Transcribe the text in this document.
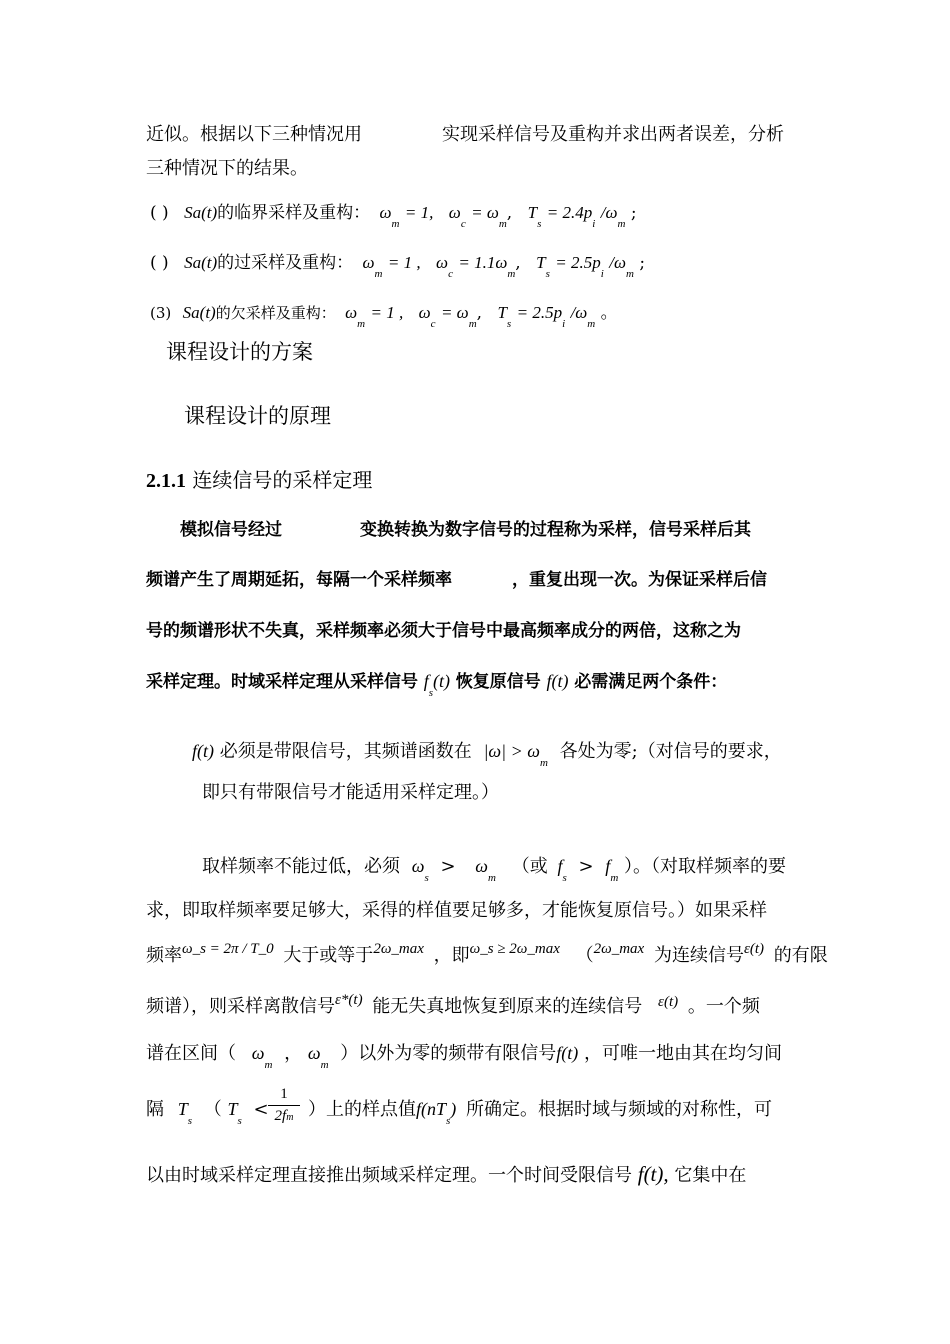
近似。根据以下三种情况用	实现采样信号及重构并求出两者误差，分析
三种情况下的结果。
( ) Sa(t)的临界采样及重构： $\omega_m = 1$, $\omega_c = \omega_m$, $T_s = 2.4p_i$ $/\omega_m$ ;
( ) Sa(t)的过采样及重构： $\omega_m = 1$ , $\omega_c = 1.1\omega_m$, $T_s = 2.5p_i$ $/\omega_m$ ;
(3) Sa(t)的欠采样及重构： $\omega_m = 1$ , $\omega_c = \omega_m$, $T_s = 2.5p_i$ $/\omega_m$ 。
课程设计的方案
课程设计的原理
2.1.1 连续信号的采样定理
模拟信号经过	变换转换为数字信号的过程称为采样，信号采样后其
频谱产生了周期延拓，每隔一个采样频率	，重复出现一次。为保证采样后信
号的频谱形状不失真，采样频率必须大于信号中最高频率成分的两倍，这称之为
采样定理。时域采样定理从采样信号 $f_s(t)$ 恢复原信号 f(t) 必需满足两个条件：
f(t) 必须是带限信号，其频谱函数在 $|\omega| > \omega_m$ 各处为零;（对信号的要求，
即只有带限信号才能适用采样定理。）
取样频率不能过低，必须 $\omega_s > \omega_m$ （或 $f_s > f_m$ ）。（对取样频率的要
求，即取样频率要足够大，采得的样值要足够多，才能恢复原信号。）如果采样
频率$^{\omega\_s = 2\pi / T\_0}$ 大于或等于$^{2\omega\_max}$ ，即$^{\omega\_s \ge 2\omega\_max}$ （$^{2\omega\_max}$ 为连续信号$^{\varepsilon(t)}$ 的有限
频谱），则采样离散信号$^{\varepsilon*(t)}$ 能无失真地恢复到原来的连续信号 $^{\varepsilon(t)}$ 。一个频
谱在区间（ $\omega_m$ ， $\omega_m$ ）以外为零的频带有限信号f(t) ，可唯一地由其在均匀间
隔 $T_s$ （ $T_s$ <
1
2fm ）上的样点值$f(nT_s)$ 所确定。根据时域与频域的对称性，可
以由时域采样定理直接推出频域采样定理。一个时间受限信号 f(t), 它集中在
